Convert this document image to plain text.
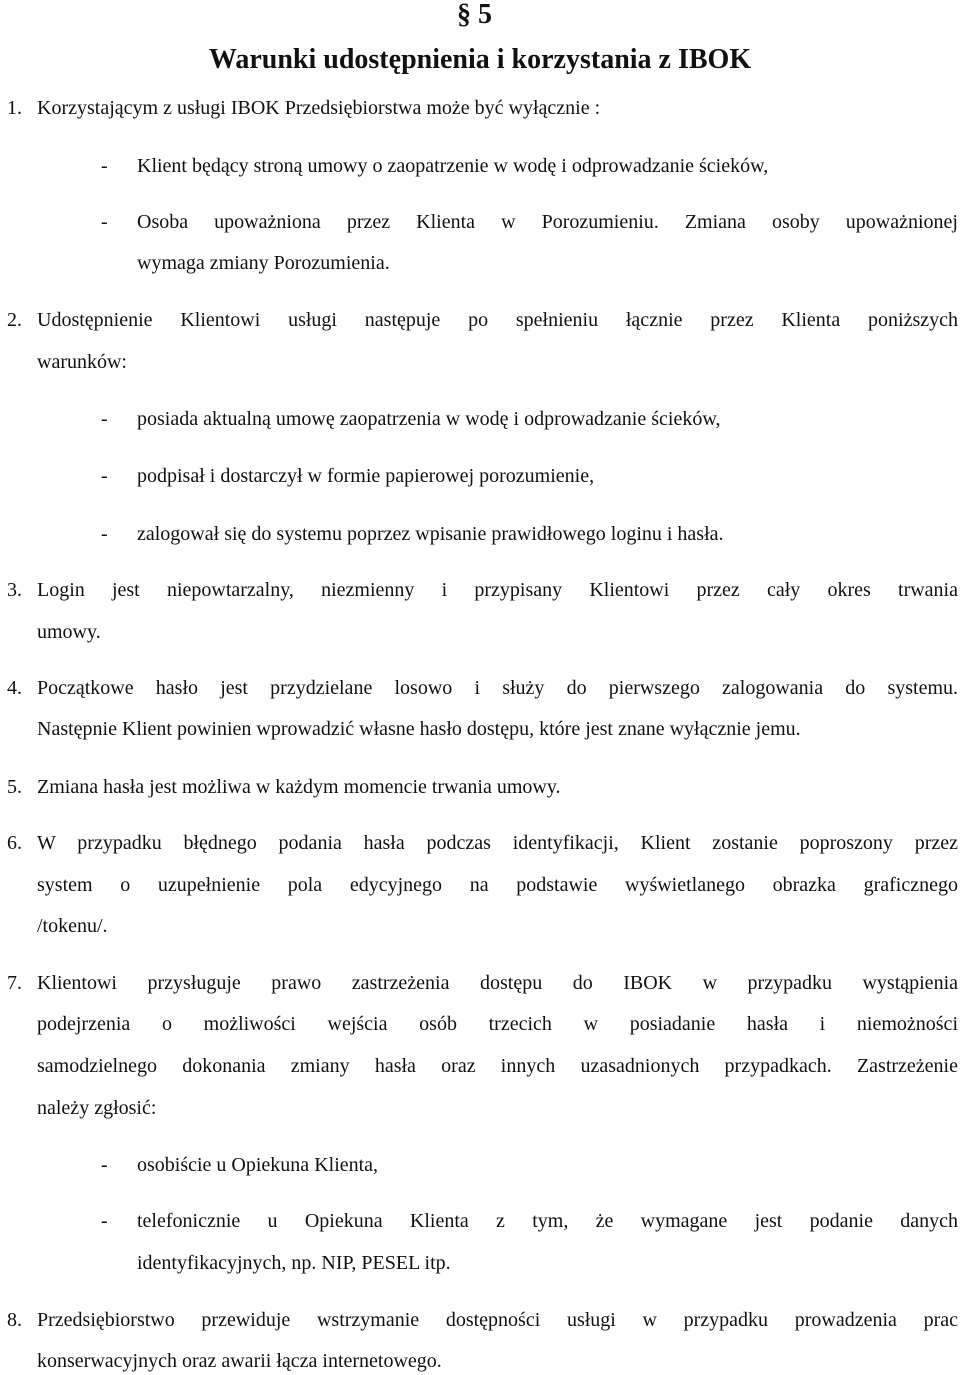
§ 5
Warunki udostępnienia i korzystania z IBOK
1. Korzystającym z usługi IBOK Przedsiębiorstwa może być wyłącznie :
- Klient będący stroną umowy o zaopatrzenie w wodę i odprowadzanie ścieków,
- Osoba upoważniona przez Klienta w Porozumieniu. Zmiana osoby upoważnionej
wymaga zmiany Porozumienia.
2. Udostępnienie Klientowi usługi następuje po spełnieniu łącznie przez Klienta poniższych
warunków:
- posiada aktualną umowę zaopatrzenia w wodę i odprowadzanie ścieków,
- podpisał i dostarczył w formie papierowej porozumienie,
- zalogował się do systemu poprzez wpisanie prawidłowego loginu i hasła.
3. Login jest niepowtarzalny, niezmienny i przypisany Klientowi przez cały okres trwania
umowy.
4. Początkowe hasło jest przydzielane losowo i służy do pierwszego zalogowania do systemu.
Następnie Klient powinien wprowadzić własne hasło dostępu, które jest znane wyłącznie jemu.
5. Zmiana hasła jest możliwa w każdym momencie trwania umowy.
6. W przypadku błędnego podania hasła podczas identyfikacji, Klient zostanie poproszony przez
system o uzupełnienie pola edycyjnego na podstawie wyświetlanego obrazka graficznego
/tokenu/.
7. Klientowi przysługuje prawo zastrzeżenia dostępu do IBOK w przypadku wystąpienia
podejrzenia o możliwości wejścia osób trzecich w posiadanie hasła i niemożności
samodzielnego dokonania zmiany hasła oraz innych uzasadnionych przypadkach. Zastrzeżenie
należy zgłosić:
- osobiście u Opiekuna Klienta,
- telefonicznie u Opiekuna Klienta z tym, że wymagane jest podanie danych
identyfikacyjnych, np. NIP, PESEL itp.
8. Przedsiębiorstwo przewiduje wstrzymanie dostępności usługi w przypadku prowadzenia prac
konserwacyjnych oraz awarii łącza internetowego.
